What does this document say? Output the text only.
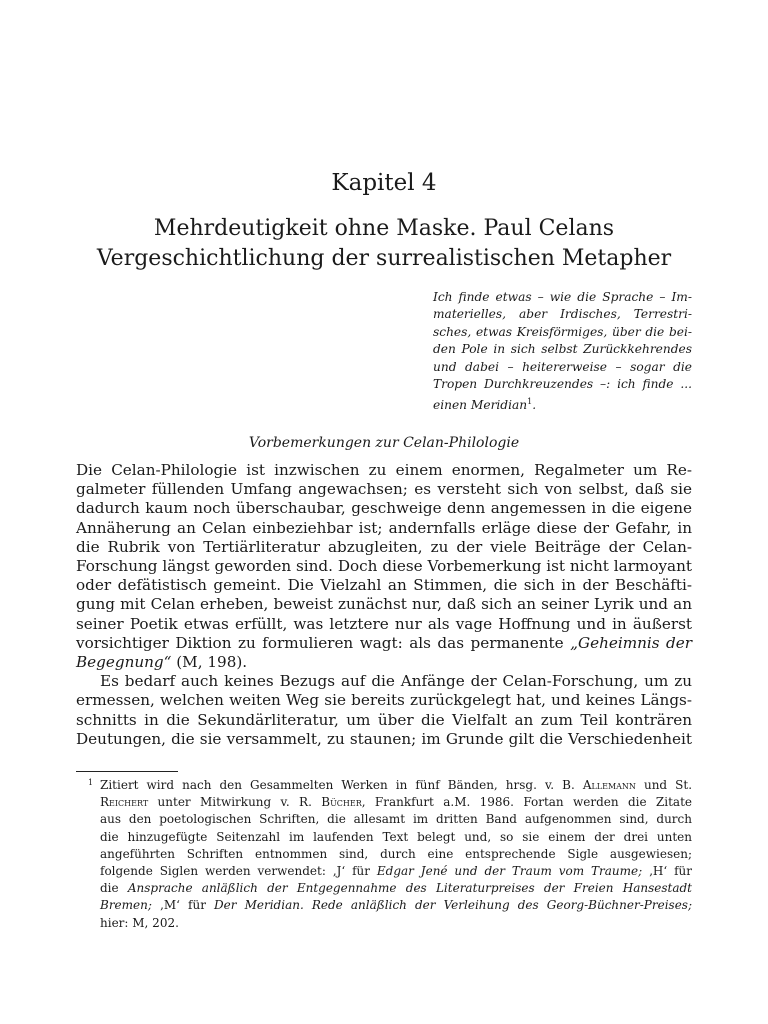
Kapitel 4
Mehrdeutigkeit ohne Maske. Paul Celans
Vergeschichtlichung der surrealistischen Metapher
Ich finde etwas – wie die Sprache – Im-
materielles, aber Irdisches, Terrestri-
sches, etwas Kreisförmiges, über die bei-
den Pole in sich selbst Zurückkehrendes
und dabei – heitererweise – sogar die
Tropen Durchkreuzendes –: ich finde ...
einen Meridian$^1$.
Vorbemerkungen zur Celan-Philologie
Die Celan-Philologie ist inzwischen zu einem enormen, Regalmeter um Re-
galmeter füllenden Umfang angewachsen; es versteht sich von selbst, daß sie
dadurch kaum noch überschaubar, geschweige denn angemessen in die eigene
Annäherung an Celan einbeziehbar ist; andernfalls erläge diese der Gefahr, in
die Rubrik von Tertiärliteratur abzugleiten, zu der viele Beiträge der Celan-
Forschung längst geworden sind. Doch diese Vorbemerkung ist nicht larmoyant
oder defätistisch gemeint. Die Vielzahl an Stimmen, die sich in der Beschäfti-
gung mit Celan erheben, beweist zunächst nur, daß sich an seiner Lyrik und an
seiner Poetik etwas erfüllt, was letztere nur als vage Hoffnung und in äußerst
vorsichtiger Diktion zu formulieren wagt: als das permanente „Geheimnis der
Begegnung“ (M, 198).
Es bedarf auch keines Bezugs auf die Anfänge der Celan-Forschung, um zu
ermessen, welchen weiten Weg sie bereits zurückgelegt hat, und keines Längs-
schnitts in die Sekundärliteratur, um über die Vielfalt an zum Teil konträren
Deutungen, die sie versammelt, zu staunen; im Grunde gilt die Verschiedenheit
1 Zitiert wird nach den Gesammelten Werken in fünf Bänden, hrsg. v. B. Allemann und St.
Reichert unter Mitwirkung v. R. Bücher, Frankfurt a.M. 1986. Fortan werden die Zitate
aus den poetologischen Schriften, die allesamt im dritten Band aufgenommen sind, durch
die hinzugefügte Seitenzahl im laufenden Text belegt und, so sie einem der drei unten
angeführten Schriften entnommen sind, durch eine entsprechende Sigle ausgewiesen;
folgende Siglen werden verwendet: ‚J‘ für Edgar Jené und der Traum vom Traume; ‚H‘ für
die Ansprache anläßlich der Entgegennahme des Literaturpreises der Freien Hansestadt
Bremen; ‚M‘ für Der Meridian. Rede anläßlich der Verleihung des Georg-Büchner-Preises;
hier: M, 202.
